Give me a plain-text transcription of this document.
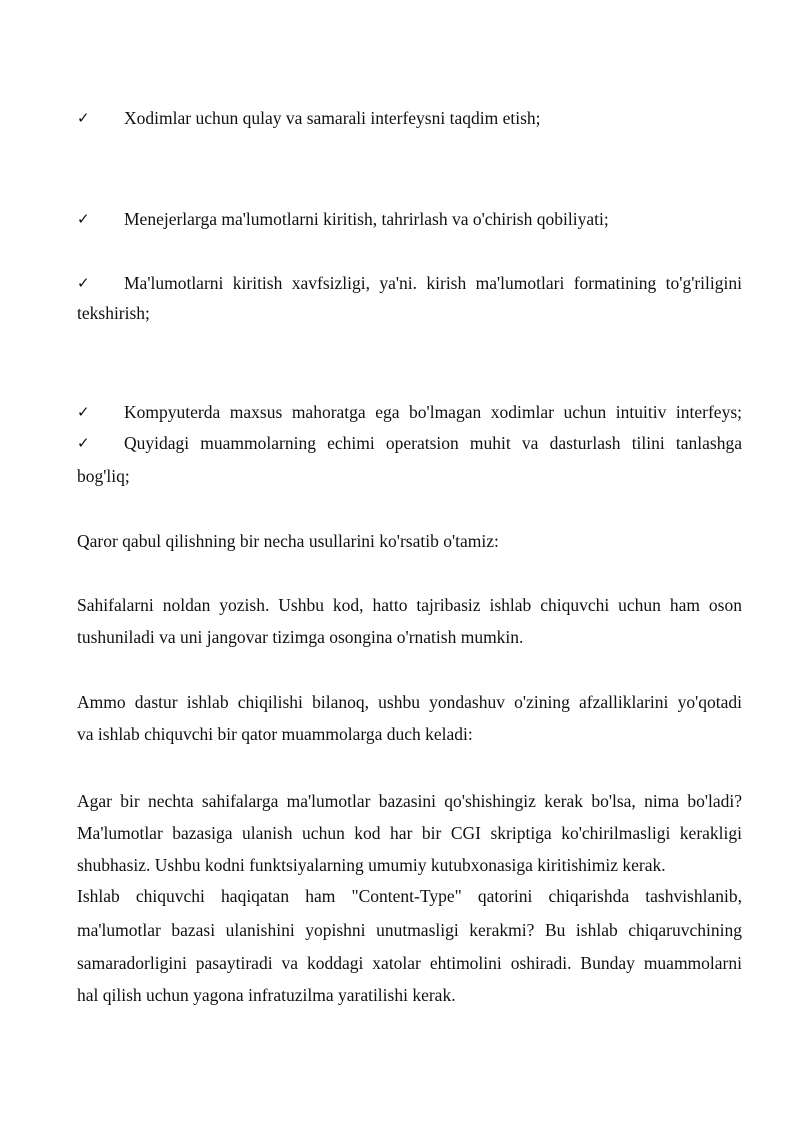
✓	Xodimlar uchun qulay va samarali interfeysni taqdim etish;
✓	Menejerlarga ma'lumotlarni kiritish, tahrirlash va o'chirish qobiliyati;
✓	Ma'lumotlarni kiritish xavfsizligi, ya'ni. kirish ma'lumotlari formatining to'g'riligini
tekshirish;
✓	Kompyuterda maxsus mahoratga ega bo'lmagan xodimlar uchun intuitiv interfeys;
✓	Quyidagi muammolarning echimi operatsion muhit va dasturlash tilini tanlashga
bog'liq;
Qaror qabul qilishning bir necha usullarini ko'rsatib o'tamiz:
Sahifalarni noldan yozish. Ushbu kod, hatto tajribasiz ishlab chiquvchi uchun ham oson
tushuniladi va uni jangovar tizimga osongina o'rnatish mumkin.
Ammo dastur ishlab chiqilishi bilanoq, ushbu yondashuv o'zining afzalliklarini yo'qotadi
va ishlab chiquvchi bir qator muammolarga duch keladi:
Agar bir nechta sahifalarga ma'lumotlar bazasini qo'shishingiz kerak bo'lsa, nima bo'ladi?
Ma'lumotlar bazasiga ulanish uchun kod har bir CGI skriptiga ko'chirilmasligi kerakligi
shubhasiz. Ushbu kodni funktsiyalarning umumiy kutubxonasiga kiritishimiz kerak.
Ishlab chiquvchi haqiqatan ham "Content-Type" qatorini chiqarishda tashvishlanib,
ma'lumotlar bazasi ulanishini yopishni unutmasligi kerakmi? Bu ishlab chiqaruvchining
samaradorligini pasaytiradi va koddagi xatolar ehtimolini oshiradi. Bunday muammolarni
hal qilish uchun yagona infratuzilma yaratilishi kerak.
